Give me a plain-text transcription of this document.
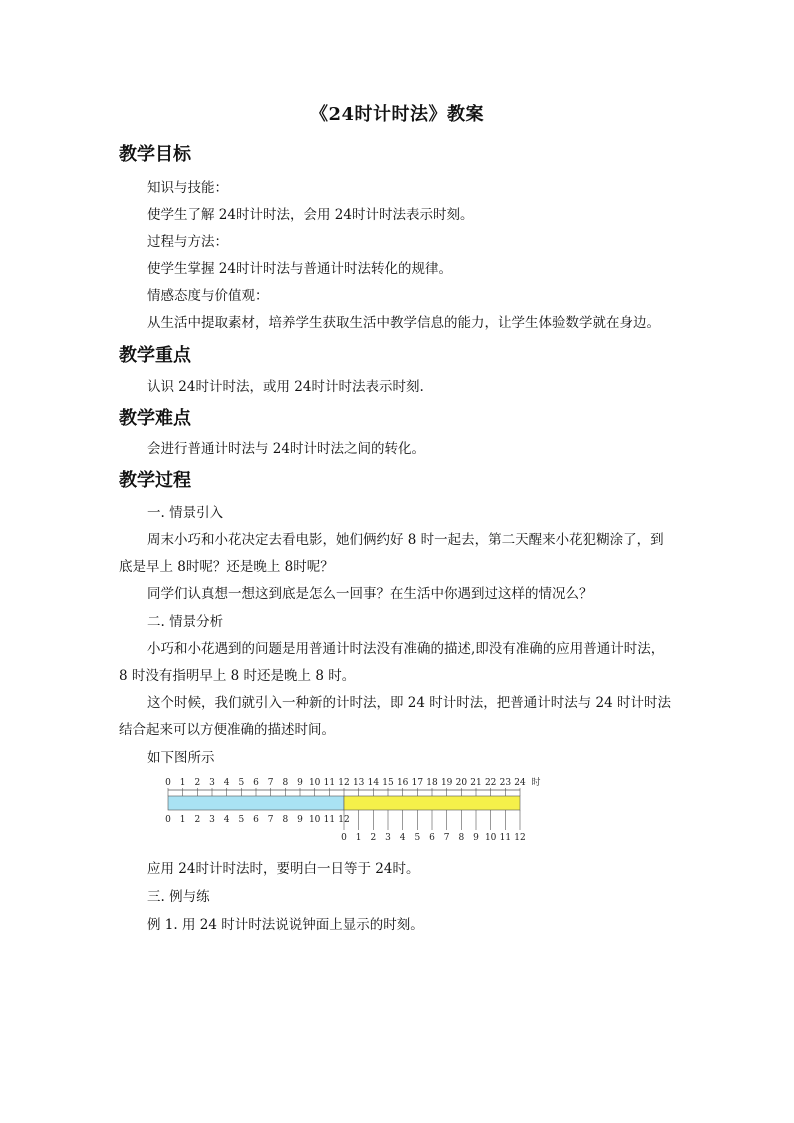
《24时计时法》教案
教学目标
知识与技能：
使学生了解 24时计时法，会用 24时计时法表示时刻。
过程与方法：
使学生掌握 24时计时法与普通计时法转化的规律。
情感态度与价值观：
从生活中提取素材，培养学生获取生活中教学信息的能力，让学生体验数学就在身边。
教学重点
认识 24时计时法，或用 24时计时法表示时刻.
教学难点
会进行普通计时法与 24时计时法之间的转化。
教学过程
一. 情景引入
周末小巧和小花决定去看电影，她们俩约好 8 时一起去，第二天醒来小花犯糊涂了，到
底是早上 8时呢？还是晚上 8时呢？
同学们认真想一想这到底是怎么一回事？在生活中你遇到过这样的情况么？
二. 情景分析
小巧和小花遇到的问题是用普通计时法没有准确的描述,即没有准确的应用普通计时法，
8 时没有指明早上 8 时还是晚上 8 时。
这个时候，我们就引入一种新的计时法，即 24 时计时法，把普通计时法与 24 时计时法
结合起来可以方便准确的描述时间。
如下图所示
0 1 2 3 4 5 6 7 8 9 10 11 12 13 14 15 16 17 18 19 20 21 22 23 24 时
0 1 2 3 4 5 6 7 8 9 10 11 12
0 1 2 3 4 5 6 7 8 9 10 11 12
应用 24时计时法时，要明白一日等于 24时。
三. 例与练
例 1. 用 24 时计时法说说钟面上显示的时刻。
